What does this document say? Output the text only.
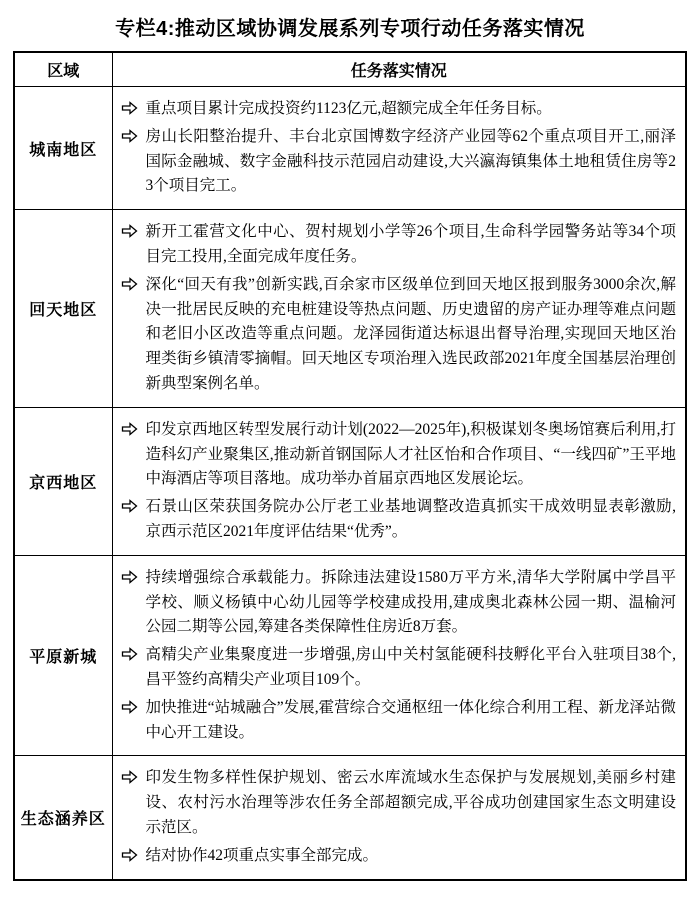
专栏4:推动区域协调发展系列专项行动任务落实情况
区域	任务落实情况
城南地区	重点项目累计完成投资约1123亿元,超额完成全年任务目标。
房山长阳整治提升、丰台北京国博数字经济产业园等62个重点项目开工,丽泽国际金融城、数字金融科技示范园启动建设,大兴瀛海镇集体土地租赁住房等23个项目完工。

回天地区	新开工霍营文化中心、贺村规划小学等26个项目,生命科学园警务站等34个项目完工投用,全面完成年度任务。
深化“回天有我”创新实践,百余家市区级单位到回天地区报到服务3000余次,解决一批居民反映的充电桩建设等热点问题、历史遗留的房产证办理等难点问题和老旧小区改造等重点问题。龙泽园街道达标退出督导治理,实现回天地区治理类街乡镇清零摘帽。回天地区专项治理入选民政部2021年度全国基层治理创新典型案例名单。

京西地区	印发京西地区转型发展行动计划(2022—2025年),积极谋划冬奥场馆赛后利用,打造科幻产业聚集区,推动新首钢国际人才社区怡和合作项目、“一线四矿”王平地中海酒店等项目落地。成功举办首届京西地区发展论坛。
石景山区荣获国务院办公厅老工业基地调整改造真抓实干成效明显表彰激励,京西示范区2021年度评估结果“优秀”。

平原新城	持续增强综合承载能力。拆除违法建设1580万平方米,清华大学附属中学昌平学校、顺义杨镇中心幼儿园等学校建成投用,建成奥北森林公园一期、温榆河公园二期等公园,筹建各类保障性住房近8万套。
高精尖产业集聚度进一步增强,房山中关村氢能硬科技孵化平台入驻项目38个,昌平签约高精尖产业项目109个。
加快推进“站城融合”发展,霍营综合交通枢纽一体化综合利用工程、新龙泽站微中心开工建设。

生态涵养区	印发生物多样性保护规划、密云水库流域水生态保护与发展规划,美丽乡村建设、农村污水治理等涉农任务全部超额完成,平谷成功创建国家生态文明建设示范区。
结对协作42项重点实事全部完成。
